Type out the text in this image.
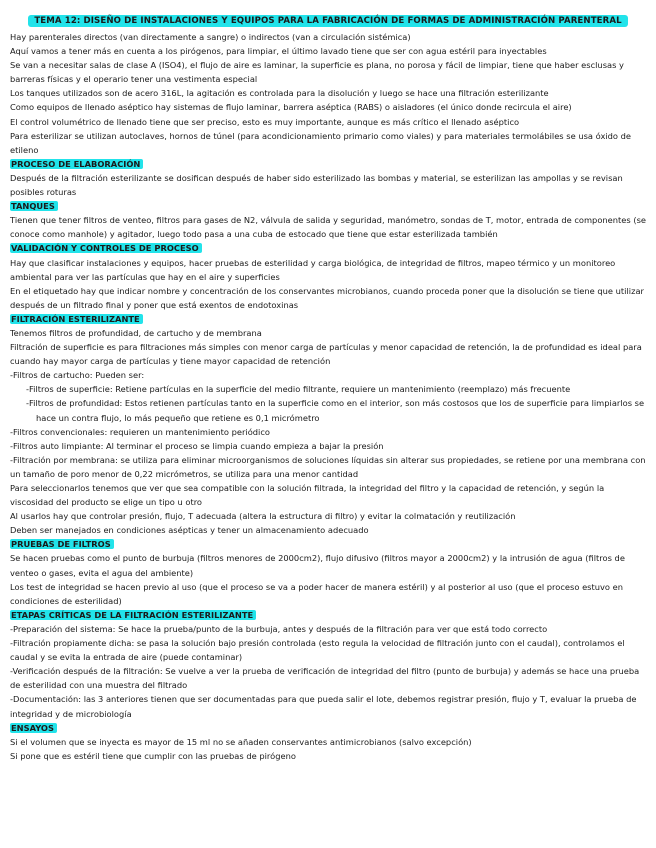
TEMA 12: DISEÑO DE INSTALACIONES Y EQUIPOS PARA LA FABRICACIÓN DE FORMAS DE ADMINISTRACIÓN PARENTERAL

Hay parenterales directos (van directamente a sangre) o indirectos (van a circulación sistémica)

Aquí vamos a tener más en cuenta a los pirógenos, para limpiar, el último lavado tiene que ser con agua estéril para inyectables

Se van a necesitar salas de clase A (ISO4), el flujo de aire es laminar, la superficie es plana, no porosa y fácil de limpiar, tiene que haber esclusas y barreras físicas y el operario tener una vestimenta especial

Los tanques utilizados son de acero 316L, la agitación es controlada para la disolución y luego se hace una filtración esterilizante

Como equipos de llenado aséptico hay sistemas de flujo laminar, barrera aséptica (RABS) o aisladores (el único donde recircula el aire)

El control volumétrico de llenado tiene que ser preciso, esto es muy importante, aunque es más crítico el llenado aséptico

Para esterilizar se utilizan autoclaves, hornos de túnel (para acondicionamiento primario como viales) y para materiales termolábiles se usa óxido de etileno

PROCESO DE ELABORACIÓN

Después de la filtración esterilizante se dosifican después de haber sido esterilizado las bombas y material, se esterilizan las ampollas y se revisan posibles roturas

TANQUES

Tienen que tener filtros de venteo, filtros para gases de N2, válvula de salida y seguridad, manómetro, sondas de T, motor, entrada de componentes (se conoce como manhole) y agitador, luego todo pasa a una cuba de estocado que tiene que estar esterilizada también

VALIDACIÓN Y CONTROLES DE PROCESO

Hay que clasificar instalaciones y equipos, hacer pruebas de esterilidad y carga biológica, de integridad de filtros, mapeo térmico y un monitoreo ambiental para ver las partículas que hay en el aire y superficies

En el etiquetado hay que indicar nombre y concentración de los conservantes microbianos, cuando proceda poner que la disolución se tiene que utilizar después de un filtrado final y poner que está exentos de endotoxinas

FILTRACIÓN ESTERILIZANTE

Tenemos filtros de profundidad, de cartucho y de membrana

Filtración de superficie es para filtraciones más simples con menor carga de partículas y menor capacidad de retención, la de profundidad es ideal para cuando hay mayor carga de partículas y tiene mayor capacidad de retención

-Filtros de cartucho: Pueden ser:

-Filtros de superficie: Retiene partículas en la superficie del medio filtrante, requiere un mantenimiento (reemplazo) más frecuente

-Filtros de profundidad: Estos retienen partículas tanto en la superficie como en el interior, son más costosos que los de superficie para limpiarlos se hace un contra flujo, lo más pequeño que retiene es 0,1 micrómetro

-Filtros convencionales: requieren un mantenimiento periódico

-Filtros auto limpiante: Al terminar el proceso se limpia cuando empieza a bajar la presión

-Filtración por membrana: se utiliza para eliminar microorganismos de soluciones líquidas sin alterar sus propiedades, se retiene por una membrana con un tamaño de poro menor de 0,22 micrómetros, se utiliza para una menor cantidad

Para seleccionarlos tenemos que ver que sea compatible con la solución filtrada, la integridad del filtro y la capacidad de retención, y según la viscosidad del producto se elige un tipo u otro

Al usarlos hay que controlar presión, flujo, T adecuada (altera la estructura di filtro) y evitar la colmatación y reutilización

Deben ser manejados en condiciones asépticas y tener un almacenamiento adecuado

PRUEBAS DE FILTROS

Se hacen pruebas como el punto de burbuja (filtros menores de 2000cm2), flujo difusivo (filtros mayor a 2000cm2) y la intrusión de agua (filtros de venteo o gases, evita el agua del ambiente)

Los test de integridad se hacen previo al uso (que el proceso se va a poder hacer de manera estéril) y al posterior al uso (que el proceso estuvo en condiciones de esterilidad)

ETAPAS CRÍTICAS DE LA FILTRACIÓN ESTERILIZANTE

-Preparación del sistema: Se hace la prueba/punto de la burbuja, antes y después de la filtración para ver que está todo correcto

-Filtración propiamente dicha: se pasa la solución bajo presión controlada (esto regula la velocidad de filtración junto con el caudal), controlamos el caudal y se evita la entrada de aire (puede contaminar)

-Verificación después de la filtración: Se vuelve a ver la prueba de verificación de integridad del filtro (punto de burbuja) y además se hace una prueba de esterilidad con una muestra del filtrado

-Documentación: las 3 anteriores tienen que ser documentadas para que pueda salir el lote, debemos registrar presión, flujo y T, evaluar la prueba de integridad y de microbiología

ENSAYOS

Si el volumen que se inyecta es mayor de 15 ml no se añaden conservantes antimicrobianos (salvo excepción)

Si pone que es estéril tiene que cumplir con las pruebas de pirógeno
